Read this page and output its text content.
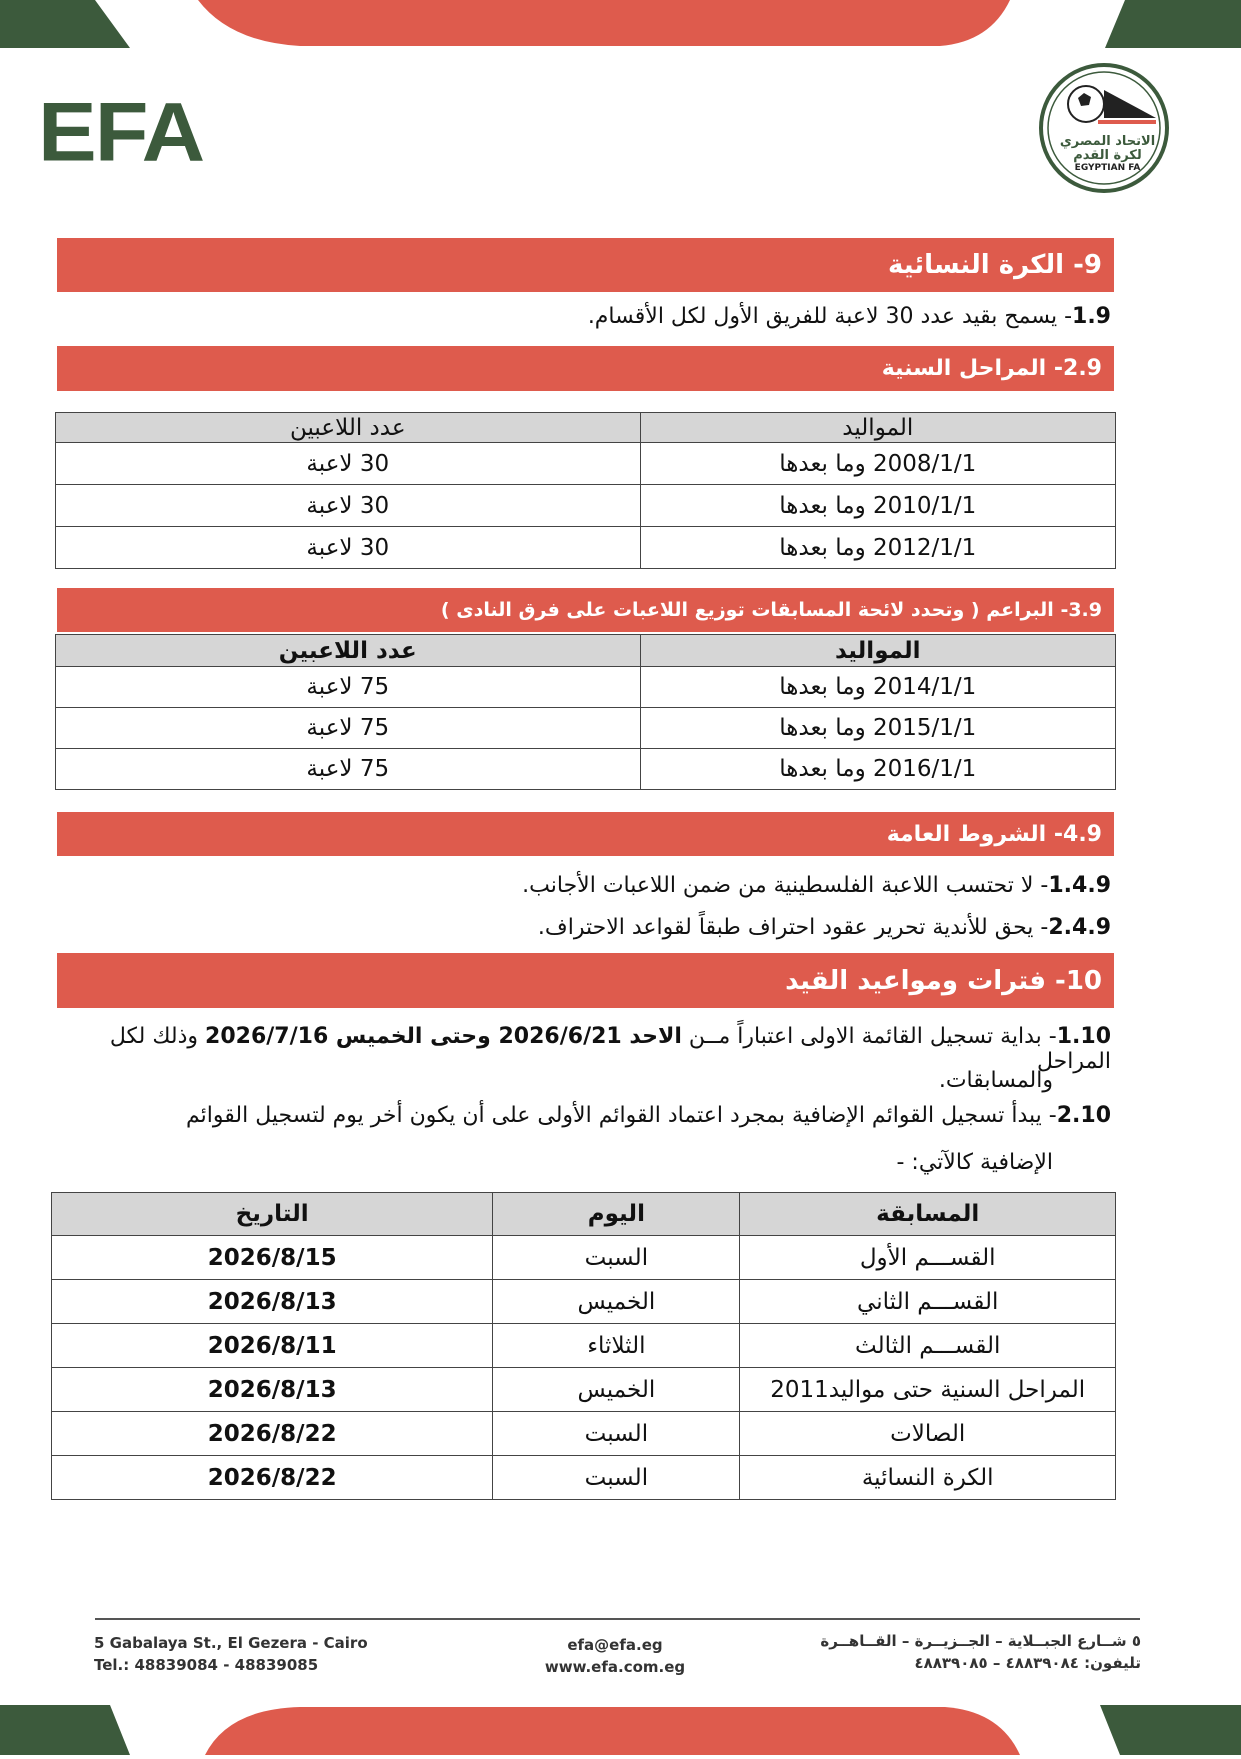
EFA	الاتحاد المصري
لكرة القدم
EGYPTIAN FA
9- الكرة النسائية
1.9- يسمح بقيد عدد 30 لاعبة للفريق الأول لكل الأقسام.
2.9- المراحل السنية
المواليد	عدد اللاعبين
2008/1/1 وما بعدها	30 لاعبة
2010/1/1 وما بعدها	30 لاعبة
2012/1/1 وما بعدها	30 لاعبة
3.9- البراعم ( وتحدد لائحة المسابقات توزيع اللاعبات على فرق النادى )
المواليد	عدد اللاعبين
2014/1/1 وما بعدها	75 لاعبة
2015/1/1 وما بعدها	75 لاعبة
2016/1/1 وما بعدها	75 لاعبة
4.9- الشروط العامة
1.4.9- لا تحتسب اللاعبة الفلسطينية من ضمن اللاعبات الأجانب.
2.4.9- يحق للأندية تحرير عقود احتراف طبقاً لقواعد الاحتراف.
10- فترات ومواعيد القيد
1.10- بداية تسجيل القائمة الاولى اعتباراً مــن الاحد 2026/6/21 وحتى الخميس 2026/7/16 وذلك لكل المراحل
والمسابقات.
2.10- يبدأ تسجيل القوائم الإضافية بمجرد اعتماد القوائم الأولى على أن يكون أخر يوم لتسجيل القوائم
الإضافية كالآتي: -
المسابقة	اليوم	التاريخ
القســـم الأول	السبت	2026/8/15
القســـم الثاني	الخميس	2026/8/13
القســـم الثالث	الثلاثاء	2026/8/11
المراحل السنية حتى مواليد2011	الخميس	2026/8/13
الصالات	السبت	2026/8/22
الكرة النسائية	السبت	2026/8/22
5 Gabalaya St., El Gezera - Cairo
Tel.: 48839084 - 48839085
efa@efa.eg
www.efa.com.eg
٥ شــارع الجبــلاية – الجــزيــرة – القــاهــرة
تليفون: ٤٨٨٣٩٠٨٤ – ٤٨٨٣٩٠٨٥
